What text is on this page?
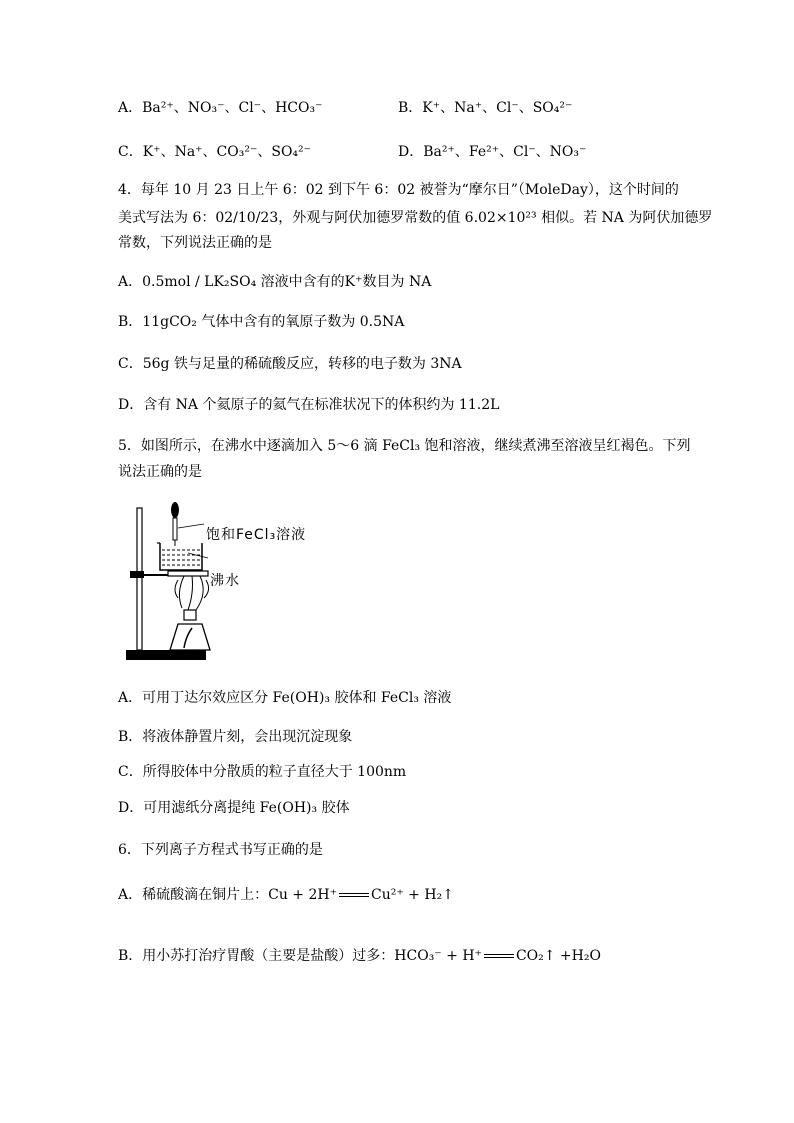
A．Ba²⁺、NO₃⁻、Cl⁻、HCO₃⁻	B．K⁺、Na⁺、Cl⁻、SO₄²⁻
C．K⁺、Na⁺、CO₃²⁻、SO₄²⁻	D．Ba²⁺、Fe²⁺、Cl⁻、NO₃⁻
4．每年 10 月 23 日上午 6：02 到下午 6：02 被誉为“摩尔日”（MoleDay），这个时间的
美式写法为 6：02/10/23，外观与阿伏加德罗常数的值 6.02×10²³ 相似。若 NA 为阿伏加德罗
常数，下列说法正确的是
A．0.5mol / LK₂SO₄ 溶液中含有的K⁺数目为 NA
B．11gCO₂ 气体中含有的氧原子数为 0.5NA
C．56g 铁与足量的稀硫酸反应，转移的电子数为 3NA
D．含有 NA 个氦原子的氦气在标准状况下的体积约为 11.2L
5．如图所示，在沸水中逐滴加入 5～6 滴 FeCl₃ 饱和溶液，继续煮沸至溶液呈红褐色。下列
说法正确的是
饱和FeCl₃溶液
沸水
A．可用丁达尔效应区分 Fe(OH)₃ 胶体和 FeCl₃ 溶液
B．将液体静置片刻，会出现沉淀现象
C．所得胶体中分散质的粒子直径大于 100nm
D．可用滤纸分离提纯 Fe(OH)₃ 胶体
6．下列离子方程式书写正确的是
A．稀硫酸滴在铜片上：Cu + 2H⁺ Cu²⁺ + H₂↑
B．用小苏打治疗胃酸（主要是盐酸）过多：HCO₃⁻ + H⁺ CO₂↑ +H₂O
